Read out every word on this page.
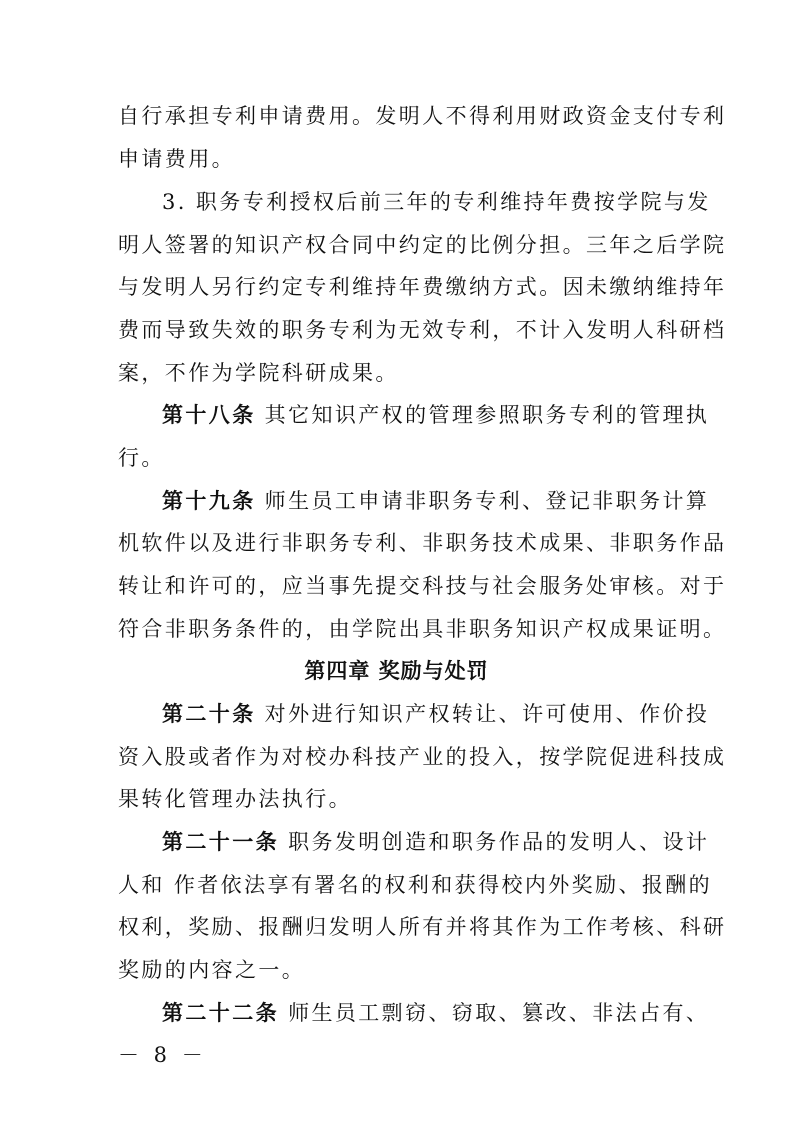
自行承担专利申请费用。发明人不得利用财政资金支付专利
申请费用。
3. 职务专利授权后前三年的专利维持年费按学院与发
明人签署的知识产权合同中约定的比例分担。三年之后学院
与发明人另行约定专利维持年费缴纳方式。因未缴纳维持年
费而导致失效的职务专利为无效专利，不计入发明人科研档
案，不作为学院科研成果。
第十八条 其它知识产权的管理参照职务专利的管理执
行。
第十九条 师生员工申请非职务专利、登记非职务计算
机软件以及进行非职务专利、非职务技术成果、非职务作品
转让和许可的，应当事先提交科技与社会服务处审核。对于
符合非职务条件的，由学院出具非职务知识产权成果证明。
第四章 奖励与处罚
第二十条 对外进行知识产权转让、许可使用、作价投
资入股或者作为对校办科技产业的投入，按学院促进科技成
果转化管理办法执行。
第二十一条 职务发明创造和职务作品的发明人、设计
人和 作者依法享有署名的权利和获得校内外奖励、报酬的
权利，奖励、报酬归发明人所有并将其作为工作考核、科研
奖励的内容之一。
第二十二条 师生员工剽窃、窃取、篡改、非法占有、
－ 8 －
